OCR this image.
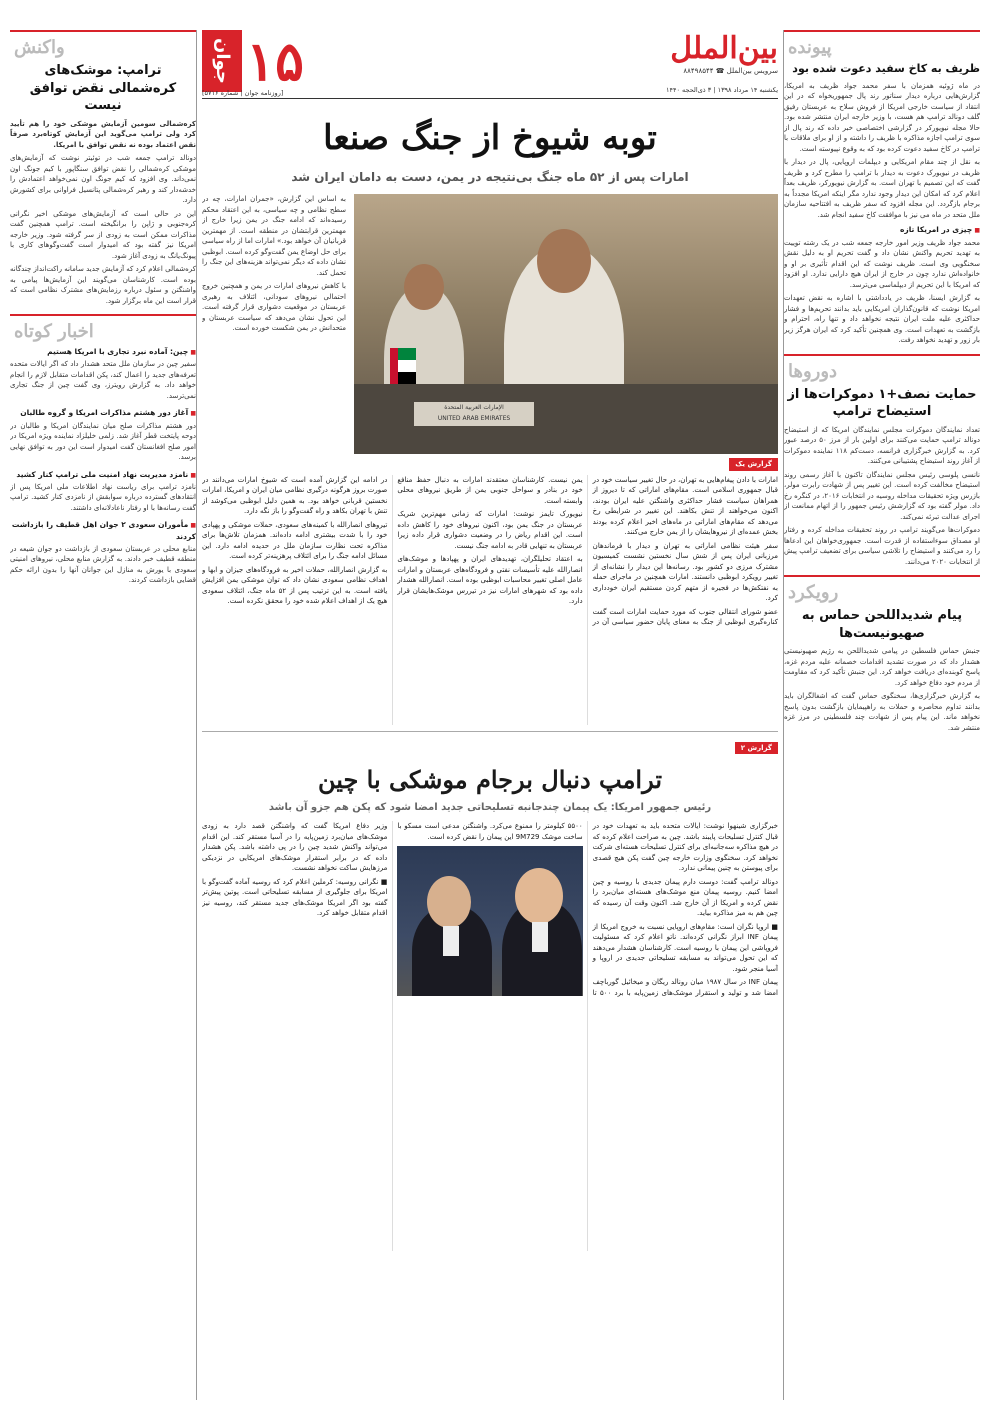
پیونده
ظریف به کاخ سفید دعوت شده بود

در ماه ژوئیه همزمان با سفر محمد جواد ظریف به امریکا، گزارش‌هایی درباره دیدار سناتور رند پال جمهوریخواه که در این انتقاد از سیاست خارجی امریکا از فروش سلاح به عربستان رفیق گلف دونالد ترامپ هم هست، با وزیر خارجه ایران منتشر شده بود. حالا مجله نیویورکر در گزارشی اختصاصی خبر داده که رند پال از سوی ترامپ اجازه مذاکره با ظریف را داشته و از او برای ملاقات با ترامپ در کاخ سفید دعوت کرده بود که به وقوع نپیوسته است.

به نقل از چند مقام امریکایی و دیپلمات اروپایی، پال در دیدار با ظریف در نیویورک دعوت به دیدار با ترامپ را مطرح کرد و ظریف گفت که این تصمیم با تهران است. به گزارش نیویورکر، ظریف بعداً اعلام کرد که امکان این دیدار وجود ندارد مگر اینکه امریکا مجدداً به برجام بازگردد. این مجله افزود که سفر ظریف به افتتاحیه سازمان ملل متحد در ماه می نیز با موافقت کاخ سفید انجام شد.

■ چیزی در امریکا تازه

محمد جواد ظریف وزیر امور خارجه جمعه شب در یک رشته توییت به تهدید تحریم واکنش نشان داد و گفت تحریم او به دلیل نقش سخنگویی وی است. ظریف نوشت که این اقدام تأثیری بر او و خانواده‌اش ندارد چون در خارج از ایران هیچ دارایی ندارد. او افزود که امریکا با این تحریم از دیپلماسی می‌ترسد.

به گزارش ایسنا، ظریف در یادداشتی با اشاره به نقض تعهدات امریکا نوشت که قانون‌گذاران امریکایی باید بدانند تحریم‌ها و فشار حداکثری علیه ملت ایران نتیجه نخواهد داد و تنها راه، احترام و بازگشت به تعهدات است. وی همچنین تأکید کرد که ایران هرگز زیر بار زور و تهدید نخواهد رفت.

دوروها
حمایت نصف+۱ دموکرات‌ها از استیضاح ترامپ

تعداد نمایندگان دموکرات مجلس نمایندگان امریکا که از استیضاح دونالد ترامپ حمایت می‌کنند برای اولین بار از مرز ۵۰ درصد عبور کرد. به گزارش خبرگزاری فرانسه، دست‌کم ۱۱۸ نماینده دموکرات از آغاز روند استیضاح پشتیبانی می‌کنند.

نانسی پلوسی رئیس مجلس نمایندگان تاکنون با آغاز رسمی روند استیضاح مخالفت کرده است. این تغییر پس از شهادت رابرت مولر، بازرس ویژه تحقیقات مداخله روسیه در انتخابات ۲۰۱۶، در کنگره رخ داد. مولر گفته بود که گزارشش رئیس جمهور را از اتهام ممانعت از اجرای عدالت تبرئه نمی‌کند.

دموکرات‌ها می‌گویند ترامپ در روند تحقیقات مداخله کرده و رفتار او مصداق سوءاستفاده از قدرت است. جمهوری‌خواهان این ادعاها را رد می‌کنند و استیضاح را تلاشی سیاسی برای تضعیف ترامپ پیش از انتخابات ۲۰۲۰ می‌دانند.

رویکرد
پیام شدیداللحن حماس به صهیونیست‌ها

جنبش حماس فلسطین در پیامی شدیداللحن به رژیم صهیونیستی هشدار داد که در صورت تشدید اقدامات خصمانه علیه مردم غزه، پاسخ کوبنده‌ای دریافت خواهد کرد. این جنبش تأکید کرد که مقاومت از مردم خود دفاع خواهد کرد.

به گزارش خبرگزاری‌ها، سخنگوی حماس گفت که اشغالگران باید بدانند تداوم محاصره و حملات به راهپیمایان بازگشت بدون پاسخ نخواهد ماند. این پیام پس از شهادت چند فلسطینی در مرز غزه منتشر شد.

واکنش
ترامپ: موشک‌های کره‌شمالی نقض توافق نیست

کره‌شمالی سومین آزمایش موشکی خود را هم تأیید کرد ولی ترامپ می‌گوید این آزمایش کوتاه‌برد صرفاً نقض اعتماد بوده نه نقض توافق با امریکا.

دونالد ترامپ جمعه شب در توئیتر نوشت که آزمایش‌های موشکی کره‌شمالی را نقض توافق سنگاپور با کیم جونگ اون نمی‌داند. وی افزود که کیم جونگ اون نمی‌خواهد اعتمادش را خدشه‌دار کند و رهبر کره‌شمالی پتانسیل فراوانی برای کشورش دارد.

این در حالی است که آزمایش‌های موشکی اخیر نگرانی کره‌جنوبی و ژاپن را برانگیخته است. ترامپ همچنین گفت مذاکرات ممکن است به زودی از سر گرفته شود. وزیر خارجه امریکا نیز گفته بود که امیدوار است گفت‌وگوهای کاری با پیونگ‌یانگ به زودی آغاز شود.

کره‌شمالی اعلام کرد که آزمایش جدید سامانه راکت‌انداز چندگانه بوده است. کارشناسان می‌گویند این آزمایش‌ها پیامی به واشنگتن و سئول درباره رزمایش‌های مشترک نظامی است که قرار است این ماه برگزار شود.

اخبار کوتاه
■ چین: آماده نبرد تجاری با امریکا هستیم

سفیر چین در سازمان ملل متحد هشدار داد که اگر ایالات متحده تعرفه‌های جدید را اعمال کند، پکن اقدامات متقابل لازم را انجام خواهد داد. به گزارش رویترز، وی گفت چین از جنگ تجاری نمی‌ترسد.

■ آغاز دور هشتم مذاکرات امریکا و گروه طالبان

دور هشتم مذاکرات صلح میان نمایندگان امریکا و طالبان در دوحه پایتخت قطر آغاز شد. زلمی خلیلزاد نماینده ویژه امریکا در امور صلح افغانستان گفت امیدوار است این دور به توافق نهایی برسد.

■ نامزد مدیریت نهاد امنیت ملی ترامپ کنار کشید

نامزد ترامپ برای ریاست نهاد اطلاعات ملی امریکا پس از انتقادهای گسترده درباره سوابقش از نامزدی کنار کشید. ترامپ گفت رسانه‌ها با او رفتار ناعادلانه‌ای داشتند.

■ مأموران سعودی ۲ جوان اهل قطیف را بازداشت کردند

منابع محلی در عربستان سعودی از بازداشت دو جوان شیعه در منطقه قطیف خبر دادند. به گزارش منابع محلی، نیروهای امنیتی سعودی با یورش به منازل این جوانان آنها را بدون ارائه حکم قضایی بازداشت کردند.

جوان ۱۵
[روزنامه جوان | شماره ۵۷۱۶]
بین‌الملل
سرویس بین‌الملل ☎ ۸۸۴۹۸۵۴۴
یکشنبه ۱۴ مرداد ۱۳۹۸ | ۳ ذی‌الحجه ۱۴۴۰
توبه شیوخ از جنگ صنعا
امارات پس از ۵۲ ماه جنگ بی‌نتیجه در یمن، دست به دامان ایران شد

به اساس این گزارش، «جمران امارات، چه در سطح نظامی و چه سیاسی، به این اعتقاد محکم رسیده‌اند که ادامه جنگ در یمن زیرا خارج از مهمترین قرابتشان در منطقه است. از مهمترین قربانیان آن خواهد بود.» امارات اما از راه سیاسی برای حل اوضاع یمن گفت‌وگو کرده است. ابوظبی نشان داده که دیگر نمی‌تواند هزینه‌های این جنگ را تحمل کند.

با کاهش نیروهای امارات در یمن و همچنین خروج احتمالی نیروهای سودانی، ائتلاف به رهبری عربستان در موقعیت دشواری قرار گرفته است. این تحول نشان می‌دهد که سیاست عربستان و متحدانش در یمن شکست خورده است.

الإمارات العربية المتحدة
UNITED ARAB EMIRATES
گزارش یک

امارات با دادن پیغام‌هایی به تهران، در حال تغییر سیاست خود در قبال جمهوری اسلامی است. مقام‌های اماراتی که تا دیروز از همراهان سیاست فشار حداکثری واشنگتن علیه ایران بودند، اکنون می‌خواهند از تنش بکاهند. این تغییر در شرایطی رخ می‌دهد که مقام‌های اماراتی در ماه‌های اخیر اعلام کرده بودند بخش عمده‌ای از نیروهایشان را از یمن خارج می‌کنند.

سفر هیئت نظامی اماراتی به تهران و دیدار با فرماندهان مرزبانی ایران پس از شش سال نخستین نشست کمیسیون مشترک مرزی دو کشور بود. رسانه‌ها این دیدار را نشانه‌ای از تغییر رویکرد ابوظبی دانستند. امارات همچنین در ماجرای حمله به نفتکش‌ها در فجیره از متهم کردن مستقیم ایران خودداری کرد.

عضو شورای انتقالی جنوب که مورد حمایت امارات است گفت کناره‌گیری ابوظبی از جنگ به معنای پایان حضور سیاسی آن در یمن نیست. کارشناسان معتقدند امارات به دنبال حفظ منافع خود در بنادر و سواحل جنوبی یمن از طریق نیروهای محلی وابسته است.

نیویورک تایمز نوشت: امارات که زمانی مهم‌ترین شریک عربستان در جنگ یمن بود، اکنون نیروهای خود را کاهش داده است. این اقدام ریاض را در وضعیت دشواری قرار داده زیرا عربستان به تنهایی قادر به ادامه جنگ نیست.

به اعتقاد تحلیلگران، تهدیدهای ایران و پهپادها و موشک‌های انصارالله علیه تأسیسات نفتی و فرودگاه‌های عربستان و امارات عامل اصلی تغییر محاسبات ابوظبی بوده است. انصارالله هشدار داده بود که شهرهای امارات نیز در تیررس موشک‌هایشان قرار دارد.

در ادامه این گزارش آمده است که شیوخ امارات می‌دانند در صورت بروز هرگونه درگیری نظامی میان ایران و امریکا، امارات نخستین قربانی خواهد بود. به همین دلیل ابوظبی می‌کوشد از تنش با تهران بکاهد و راه گفت‌وگو را باز نگه دارد.

تیروهای انصارالله با کمینه‌های سعودی، حملات موشکی و پهپادی خود را با شدت بیشتری ادامه داده‌اند. همزمان تلاش‌ها برای مذاکره تحت نظارت سازمان ملل در حدیده ادامه دارد. این مسائل ادامه جنگ را برای ائتلاف پرهزینه‌تر کرده است.

به گزارش انصارالله، حملات اخیر به فرودگاه‌های جیزان و ابها و اهداف نظامی سعودی نشان داد که توان موشکی یمن افزایش یافته است. به این ترتیب پس از ۵۲ ماه جنگ، ائتلاف سعودی هیچ یک از اهداف اعلام شده خود را محقق نکرده است.

گزارش ۲
ترامپ دنبال برجام موشکی با چین
رئیس جمهور امریکا: یک پیمان چندجانبه تسلیحاتی جدید امضا شود که پکن هم جزو آن باشد

خبرگزاری شینهوا نوشت: ایالات متحده باید به تعهدات خود در قبال کنترل تسلیحات پایبند باشد. چین به صراحت اعلام کرده که در هیچ مذاکره سه‌جانبه‌ای برای کنترل تسلیحات هسته‌ای شرکت نخواهد کرد. سخنگوی وزارت خارجه چین گفت پکن هیچ قصدی برای پیوستن به چنین پیمانی ندارد.

دونالد ترامپ گفت: دوست دارم پیمان جدیدی با روسیه و چین امضا کنیم. روسیه پیمان منع موشک‌های هسته‌ای میان‌برد را نقض کرده و امریکا از آن خارج شد. اکنون وقت آن رسیده که چین هم به میز مذاکره بیاید.

■ اروپا نگران است: مقام‌های اروپایی نسبت به خروج امریکا از پیمان INF ابراز نگرانی کرده‌اند. ناتو اعلام کرد که مسئولیت فروپاشی این پیمان با روسیه است. کارشناسان هشدار می‌دهند که این تحول می‌تواند به مسابقه تسلیحاتی جدیدی در اروپا و آسیا منجر شود.

پیمان INF در سال ۱۹۸۷ میان رونالد ریگان و میخائیل گورباچف امضا شد و تولید و استقرار موشک‌های زمین‌پایه با برد ۵۰۰ تا ۵۵۰۰ کیلومتر را ممنوع می‌کرد. واشنگتن مدعی است مسکو با ساخت موشک 9M729 این پیمان را نقض کرده است.

وزیر دفاع امریکا گفت که واشنگتن قصد دارد به زودی موشک‌های میان‌برد زمین‌پایه را در آسیا مستقر کند. این اقدام می‌تواند واکنش شدید چین را در پی داشته باشد. پکن هشدار داده که در برابر استقرار موشک‌های امریکایی در نزدیکی مرزهایش ساکت نخواهد نشست.

■ نگرانی روسیه: کرملین اعلام کرد که روسیه آماده گفت‌وگو با امریکا برای جلوگیری از مسابقه تسلیحاتی است. پوتین پیش‌تر گفته بود اگر امریکا موشک‌های جدید مستقر کند، روسیه نیز اقدام متقابل خواهد کرد.
